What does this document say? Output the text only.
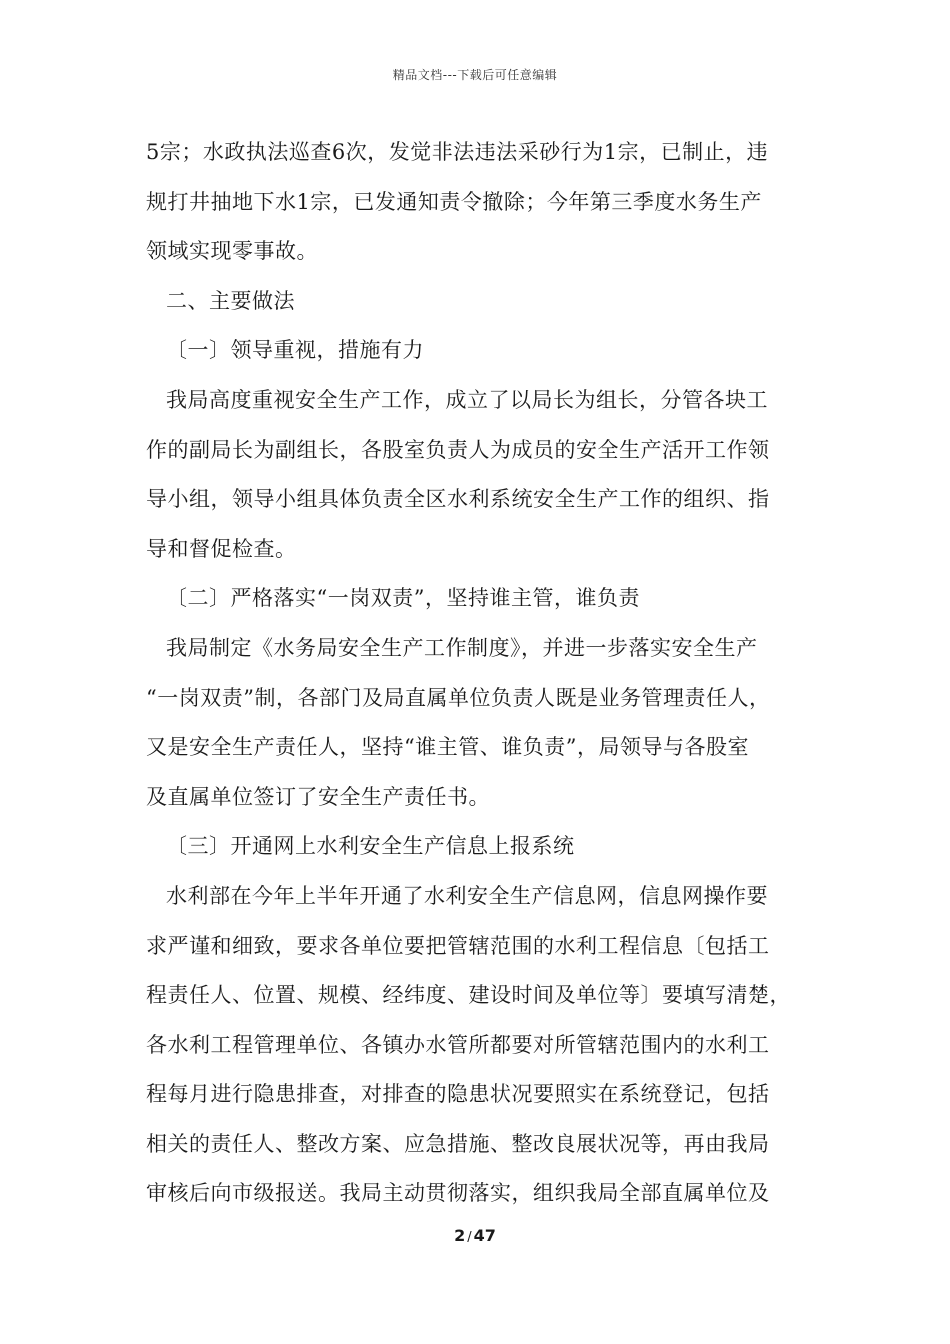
精品文档---下载后可任意编辑
5宗；水政执法巡查6次，发觉非法违法采砂行为1宗，已制止，违
规打井抽地下水1宗，已发通知责令撤除；今年第三季度水务生产
领域实现零事故。
二、主要做法
〔一〕领导重视，措施有力
我局高度重视安全生产工作，成立了以局长为组长，分管各块工
作的副局长为副组长，各股室负责人为成员的安全生产活开工作领
导小组，领导小组具体负责全区水利系统安全生产工作的组织、指
导和督促检查。
〔二〕严格落实“一岗双责”，坚持谁主管，谁负责
我局制定《水务局安全生产工作制度》，并进一步落实安全生产
“一岗双责”制，各部门及局直属单位负责人既是业务管理责任人，
又是安全生产责任人，坚持“谁主管、谁负责”，局领导与各股室
及直属单位签订了安全生产责任书。
〔三〕开通网上水利安全生产信息上报系统
水利部在今年上半年开通了水利安全生产信息网，信息网操作要
求严谨和细致，要求各单位要把管辖范围的水利工程信息〔包括工
程责任人、位置、规模、经纬度、建设时间及单位等〕要填写清楚，
各水利工程管理单位、各镇办水管所都要对所管辖范围内的水利工
程每月进行隐患排查，对排查的隐患状况要照实在系统登记，包括
相关的责任人、整改方案、应急措施、整改良展状况等，再由我局
审核后向市级报送。我局主动贯彻落实，组织我局全部直属单位及
2 / 47
